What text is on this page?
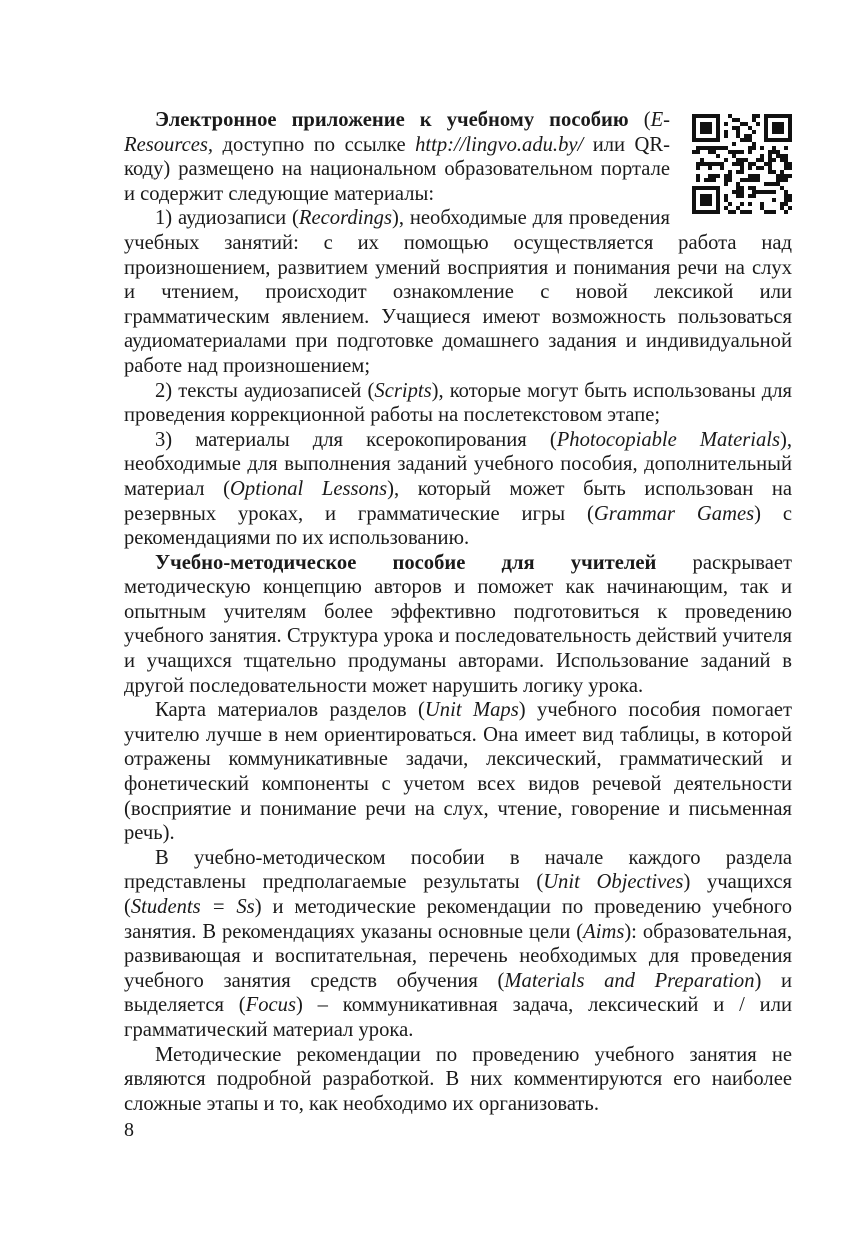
Электронное приложение к учебному пособию (E-Resources, доступно по ссылке http://lingvo.adu.by/ или QR-коду) размещено на национальном образовательном портале и содержит следующие материалы:

1) аудиозаписи (Recordings), необходимые для проведения учебных занятий: с их помощью осуществляется работа над произношением, развитием умений восприятия и понимания речи на слух и чтением, происходит ознакомление с новой лексикой или грамматическим явлением. Учащиеся имеют возможность пользоваться аудиоматериалами при подготовке домашнего задания и индивидуальной работе над произношением;

2) тексты аудиозаписей (Scripts), которые могут быть использованы для проведения коррекционной работы на послетекстовом этапе;

3) материалы для ксерокопирования (Photocopiable Materials), необходимые для выполнения заданий учебного пособия, дополнительный материал (Optional Lessons), который может быть использован на резервных уроках, и грамматические игры (Grammar Games) с рекомендациями по их использованию.

Учебно-методическое пособие для учителей раскрывает методическую концепцию авторов и поможет как начинающим, так и опытным учителям более эффективно подготовиться к проведению учебного занятия. Структура урока и последовательность действий учителя и учащихся тщательно продуманы авторами. Использование заданий в другой последовательности может нарушить логику урока.

Карта материалов разделов (Unit Maps) учебного пособия помогает учителю лучше в нем ориентироваться. Она имеет вид таблицы, в которой отражены коммуникативные задачи, лексический, грамматический и фонетический компоненты с учетом всех видов речевой деятельности (восприятие и понимание речи на слух, чтение, говорение и письменная речь).

В учебно-методическом пособии в начале каждого раздела представлены предполагаемые результаты (Unit Objectives) учащихся (Students = Ss) и методические рекомендации по проведению учебного занятия. В рекомендациях указаны основные цели (Aims): образовательная, развивающая и воспитательная, перечень необходимых для проведения учебного занятия средств обучения (Materials and Preparation) и выделяется (Focus) – коммуникативная задача, лексический и / или грамматический материал урока.

Методические рекомендации по проведению учебного занятия не являются подробной разработкой. В них комментируются его наиболее сложные этапы и то, как необходимо их организовать.

8
